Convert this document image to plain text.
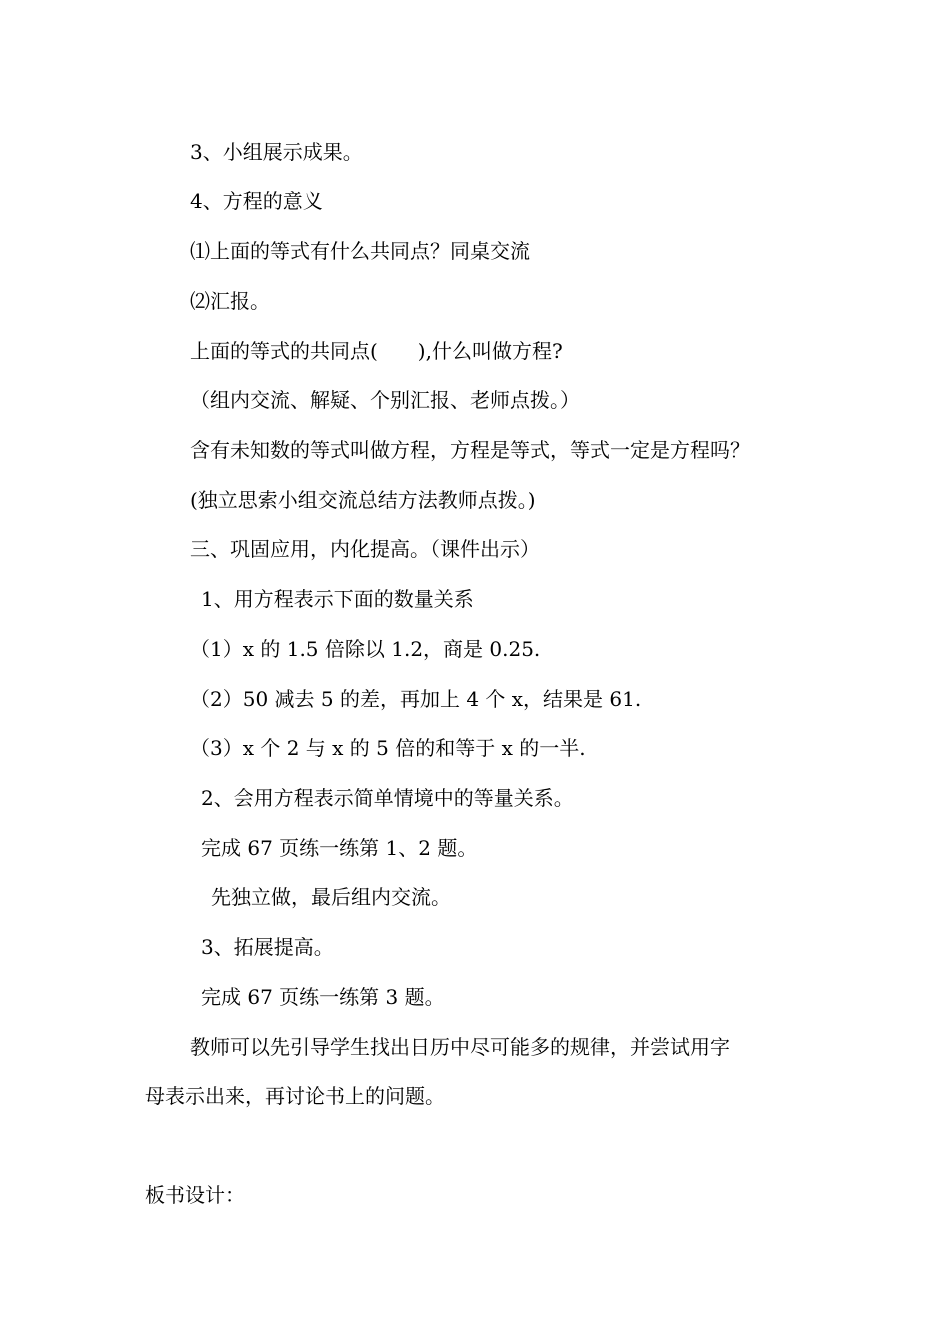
3、小组展示成果。
4、方程的意义
⑴上面的等式有什么共同点？同桌交流
⑵汇报。
上面的等式的共同点(　　),什么叫做方程?
（组内交流、解疑、个别汇报、老师点拨。）
含有未知数的等式叫做方程，方程是等式，等式一定是方程吗？
(独立思索小组交流总结方法教师点拨。)
三、巩固应用，内化提高。（课件出示）
1、用方程表示下面的数量关系
（1）x 的 1.5 倍除以 1.2，商是 0.25.
（2）50 减去 5 的差，再加上 4 个 x，结果是 61.
（3）x 个 2 与 x 的 5 倍的和等于 x 的一半.
2、会用方程表示简单情境中的等量关系。
完成 67 页练一练第 1、2 题。
先独立做，最后组内交流。
3、拓展提高。
完成 67 页练一练第 3 题。
教师可以先引导学生找出日历中尽可能多的规律，并尝试用字
母表示出来，再讨论书上的问题。
板书设计：
